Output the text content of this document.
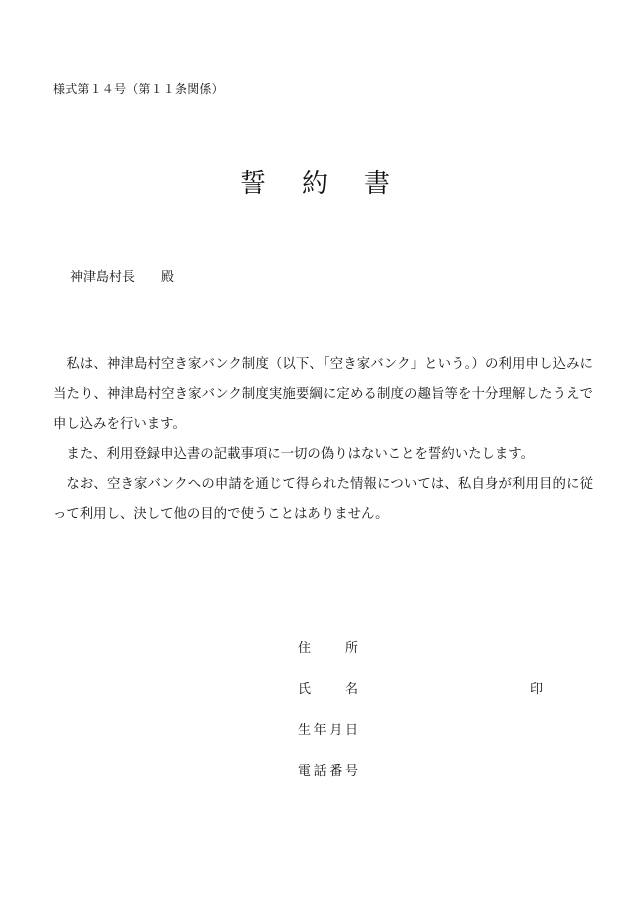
様式第１４号（第１１条関係）
誓 約 書
神津島村長 殿

私は、神津島村空き家バンク制度（以下、「空き家バンク」という。）の利用申し込みに当たり、神津島村空き家バンク制度実施要綱に定める制度の趣旨等を十分理解したうえで申し込みを行います。

また、利用登録申込書の記載事項に一切の偽りはないことを誓約いたします。

なお、空き家バンクへの申請を通じて得られた情報については、私自身が利用目的に従って利用し、決して他の目的で使うことはありません。

住所
氏名	印
生年月日
電話番号
